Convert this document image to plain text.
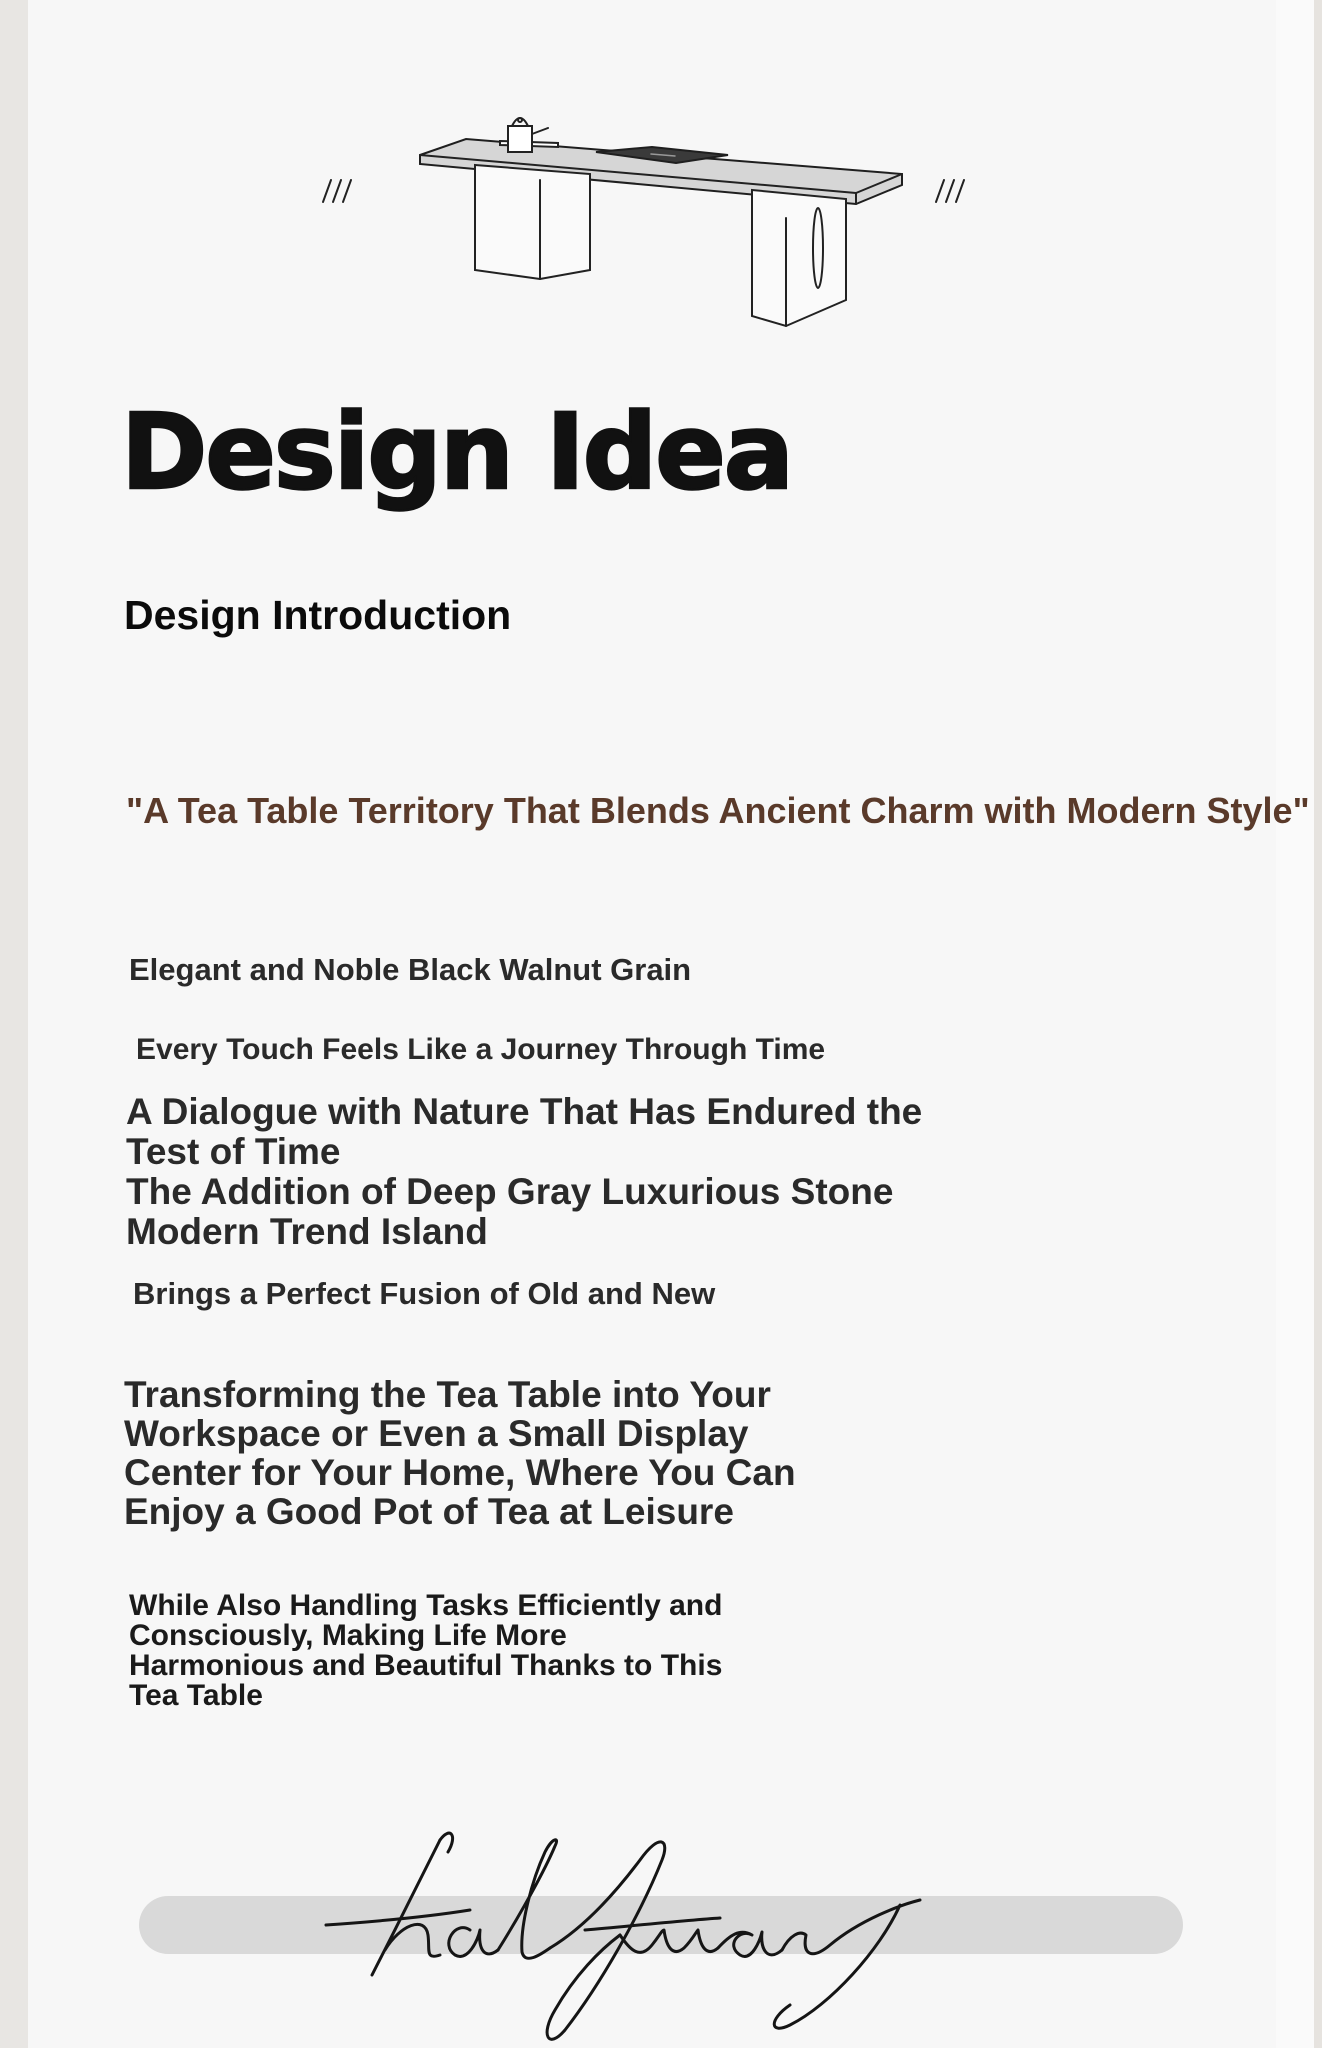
Design Idea
Design Introduction
"A Tea Table Territory That Blends Ancient Charm with Modern Style"
Elegant and Noble Black Walnut Grain
Every Touch Feels Like a Journey Through Time
A Dialogue with Nature That Has Endured the
Test of Time
The Addition of Deep Gray Luxurious Stone
Modern Trend Island
Brings a Perfect Fusion of Old and New
Transforming the Tea Table into Your
Workspace or Even a Small Display
Center for Your Home, Where You Can
Enjoy a Good Pot of Tea at Leisure
While Also Handling Tasks Efficiently and
Consciously, Making Life More
Harmonious and Beautiful Thanks to This
Tea Table
